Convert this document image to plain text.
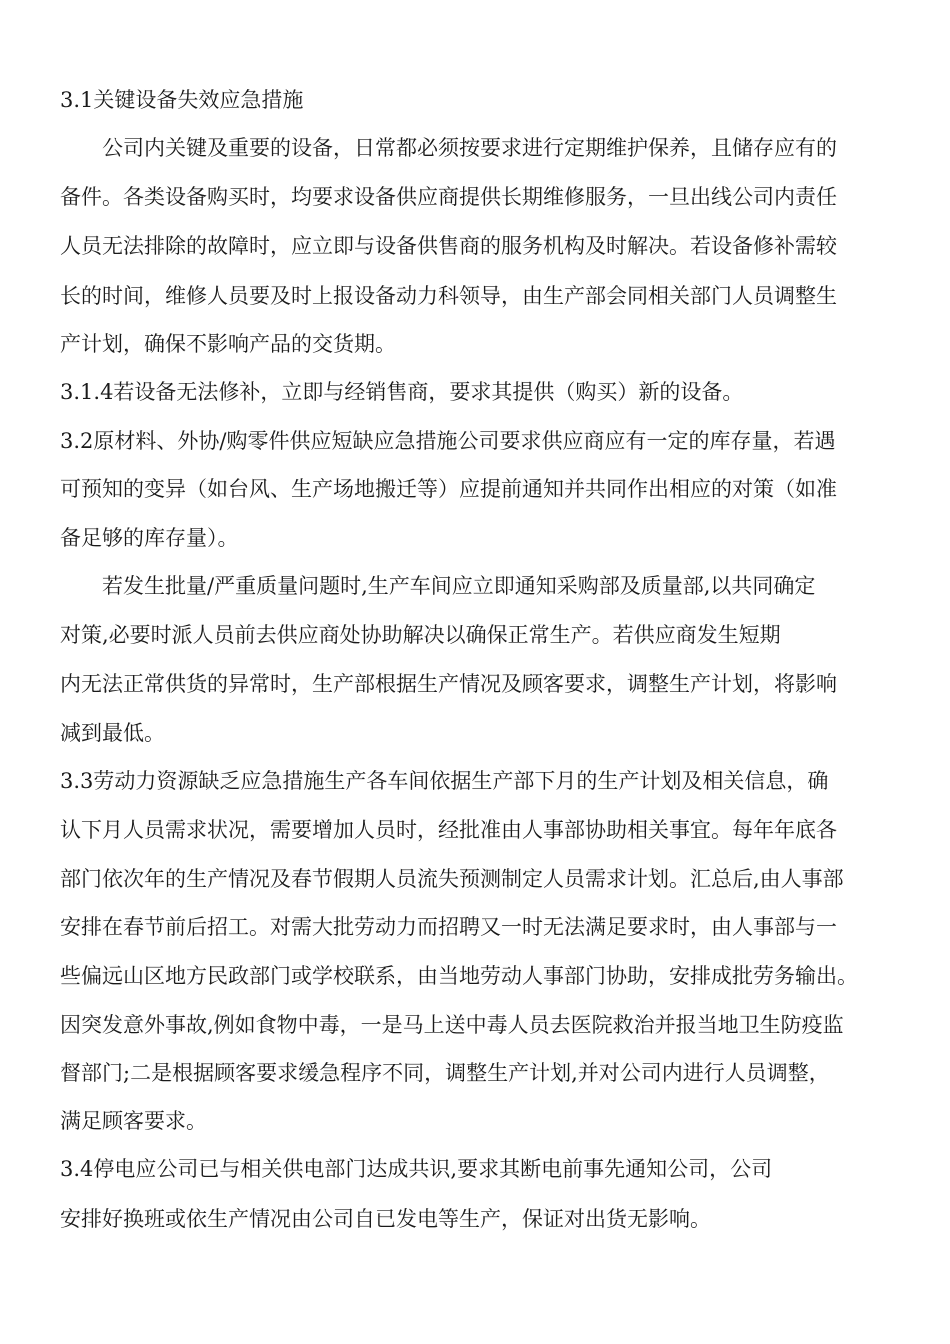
3.1关键设备失效应急措施
公司内关键及重要的设备，日常都必须按要求进行定期维护保养，且储存应有的
备件。各类设备购买时，均要求设备供应商提供长期维修服务，一旦出线公司内责任
人员无法排除的故障时，应立即与设备供售商的服务机构及时解决。若设备修补需较
长的时间，维修人员要及时上报设备动力科领导，由生产部会同相关部门人员调整生
产计划，确保不影响产品的交货期。
3.1.4若设备无法修补，立即与经销售商，要求其提供（购买）新的设备。
3.2原材料、外协/购零件供应短缺应急措施公司要求供应商应有一定的库存量，若遇
可预知的变异（如台风、生产场地搬迁等）应提前通知并共同作出相应的对策（如准
备足够的库存量）。
若发生批量/严重质量问题时,生产车间应立即通知采购部及质量部,以共同确定
对策,必要时派人员前去供应商处协助解决以确保正常生产。若供应商发生短期
内无法正常供货的异常时，生产部根据生产情况及顾客要求，调整生产计划，将影响
减到最低。
3.3劳动力资源缺乏应急措施生产各车间依据生产部下月的生产计划及相关信息，确
认下月人员需求状况，需要增加人员时，经批准由人事部协助相关事宜。每年年底各
部门依次年的生产情况及春节假期人员流失预测制定人员需求计划。汇总后,由人事部
安排在春节前后招工。对需大批劳动力而招聘又一时无法满足要求时，由人事部与一
些偏远山区地方民政部门或学校联系，由当地劳动人事部门协助，安排成批劳务输出。
因突发意外事故,例如食物中毒，一是马上送中毒人员去医院救治并报当地卫生防疫监
督部门;二是根据顾客要求缓急程序不同，调整生产计划,并对公司内进行人员调整，
满足顾客要求。
3.4停电应公司已与相关供电部门达成共识,要求其断电前事先通知公司，公司
安排好换班或依生产情况由公司自已发电等生产，保证对出货无影响。
